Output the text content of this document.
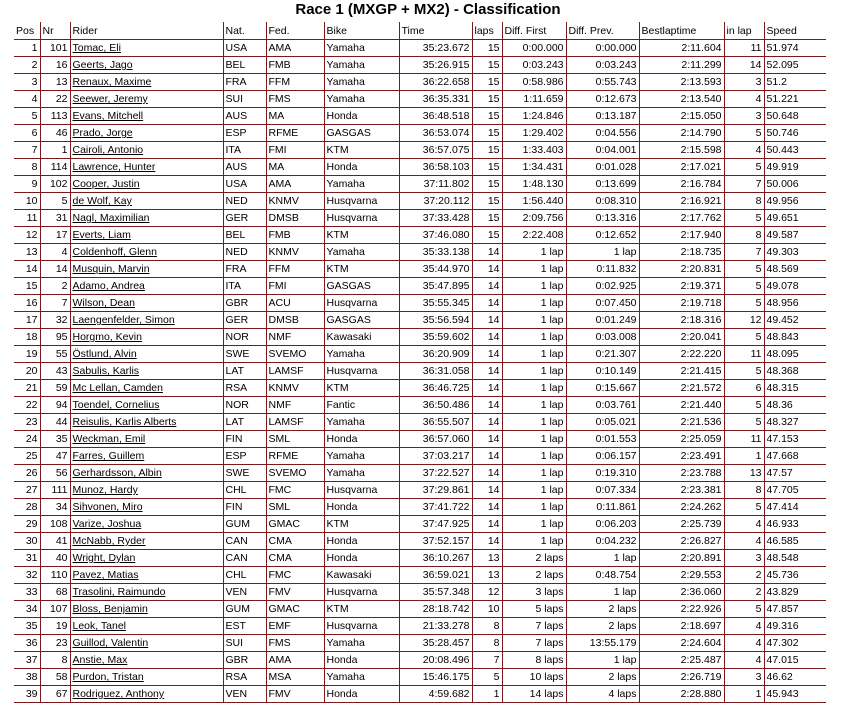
Race 1 (MXGP + MX2) - Classification
Pos	Nr	Rider	Nat.	Fed.	Bike	Time	laps	Diff. First	Diff. Prev.	Bestlaptime	in lap	Speed
1	101	Tomac, Eli	USA	AMA	Yamaha	35:23.672	15	0:00.000	0:00.000	2:11.604	11	51.974
2	16	Geerts, Jago	BEL	FMB	Yamaha	35:26.915	15	0:03.243	0:03.243	2:11.299	14	52.095
3	13	Renaux, Maxime	FRA	FFM	Yamaha	36:22.658	15	0:58.986	0:55.743	2:13.593	3	51.2
4	22	Seewer, Jeremy	SUI	FMS	Yamaha	36:35.331	15	1:11.659	0:12.673	2:13.540	4	51.221
5	113	Evans, Mitchell	AUS	MA	Honda	36:48.518	15	1:24.846	0:13.187	2:15.050	3	50.648
6	46	Prado, Jorge	ESP	RFME	GASGAS	36:53.074	15	1:29.402	0:04.556	2:14.790	5	50.746
7	1	Cairoli, Antonio	ITA	FMI	KTM	36:57.075	15	1:33.403	0:04.001	2:15.598	4	50.443
8	114	Lawrence, Hunter	AUS	MA	Honda	36:58.103	15	1:34.431	0:01.028	2:17.021	5	49.919
9	102	Cooper, Justin	USA	AMA	Yamaha	37:11.802	15	1:48.130	0:13.699	2:16.784	7	50.006
10	5	de Wolf, Kay	NED	KNMV	Husqvarna	37:20.112	15	1:56.440	0:08.310	2:16.921	8	49.956
11	31	Nagl, Maximilian	GER	DMSB	Husqvarna	37:33.428	15	2:09.756	0:13.316	2:17.762	5	49.651
12	17	Everts, Liam	BEL	FMB	KTM	37:46.080	15	2:22.408	0:12.652	2:17.940	8	49.587
13	4	Coldenhoff, Glenn	NED	KNMV	Yamaha	35:33.138	14	1 lap	1 lap	2:18.735	7	49.303
14	14	Musquin, Marvin	FRA	FFM	KTM	35:44.970	14	1 lap	0:11.832	2:20.831	5	48.569
15	2	Adamo, Andrea	ITA	FMI	GASGAS	35:47.895	14	1 lap	0:02.925	2:19.371	5	49.078
16	7	Wilson, Dean	GBR	ACU	Husqvarna	35:55.345	14	1 lap	0:07.450	2:19.718	5	48.956
17	32	Laengenfelder, Simon	GER	DMSB	GASGAS	35:56.594	14	1 lap	0:01.249	2:18.316	12	49.452
18	95	Horgmo, Kevin	NOR	NMF	Kawasaki	35:59.602	14	1 lap	0:03.008	2:20.041	5	48.843
19	55	Östlund, Alvin	SWE	SVEMO	Yamaha	36:20.909	14	1 lap	0:21.307	2:22.220	11	48.095
20	43	Sabulis, Karlis	LAT	LAMSF	Husqvarna	36:31.058	14	1 lap	0:10.149	2:21.415	5	48.368
21	59	Mc Lellan, Camden	RSA	KNMV	KTM	36:46.725	14	1 lap	0:15.667	2:21.572	6	48.315
22	94	Toendel, Cornelius	NOR	NMF	Fantic	36:50.486	14	1 lap	0:03.761	2:21.440	5	48.36
23	44	Reisulis, Karlis Alberts	LAT	LAMSF	Yamaha	36:55.507	14	1 lap	0:05.021	2:21.536	5	48.327
24	35	Weckman, Emil	FIN	SML	Honda	36:57.060	14	1 lap	0:01.553	2:25.059	11	47.153
25	47	Farres, Guillem	ESP	RFME	Yamaha	37:03.217	14	1 lap	0:06.157	2:23.491	1	47.668
26	56	Gerhardsson, Albin	SWE	SVEMO	Yamaha	37:22.527	14	1 lap	0:19.310	2:23.788	13	47.57
27	111	Munoz, Hardy	CHL	FMC	Husqvarna	37:29.861	14	1 lap	0:07.334	2:23.381	8	47.705
28	34	Sihvonen, Miro	FIN	SML	Honda	37:41.722	14	1 lap	0:11.861	2:24.262	5	47.414
29	108	Varize, Joshua	GUM	GMAC	KTM	37:47.925	14	1 lap	0:06.203	2:25.739	4	46.933
30	41	McNabb, Ryder	CAN	CMA	Honda	37:52.157	14	1 lap	0:04.232	2:26.827	4	46.585
31	40	Wright, Dylan	CAN	CMA	Honda	36:10.267	13	2 laps	1 lap	2:20.891	3	48.548
32	110	Pavez, Matias	CHL	FMC	Kawasaki	36:59.021	13	2 laps	0:48.754	2:29.553	2	45.736
33	68	Trasolini, Raimundo	VEN	FMV	Husqvarna	35:57.348	12	3 laps	1 lap	2:36.060	2	43.829
34	107	Bloss, Benjamin	GUM	GMAC	KTM	28:18.742	10	5 laps	2 laps	2:22.926	5	47.857
35	19	Leok, Tanel	EST	EMF	Husqvarna	21:33.278	8	7 laps	2 laps	2:18.697	4	49.316
36	23	Guillod, Valentin	SUI	FMS	Yamaha	35:28.457	8	7 laps	13:55.179	2:24.604	4	47.302
37	8	Anstie, Max	GBR	AMA	Honda	20:08.496	7	8 laps	1 lap	2:25.487	4	47.015
38	58	Purdon, Tristan	RSA	MSA	Yamaha	15:46.175	5	10 laps	2 laps	2:26.719	3	46.62
39	67	Rodriguez, Anthony	VEN	FMV	Honda	4:59.682	1	14 laps	4 laps	2:28.880	1	45.943
